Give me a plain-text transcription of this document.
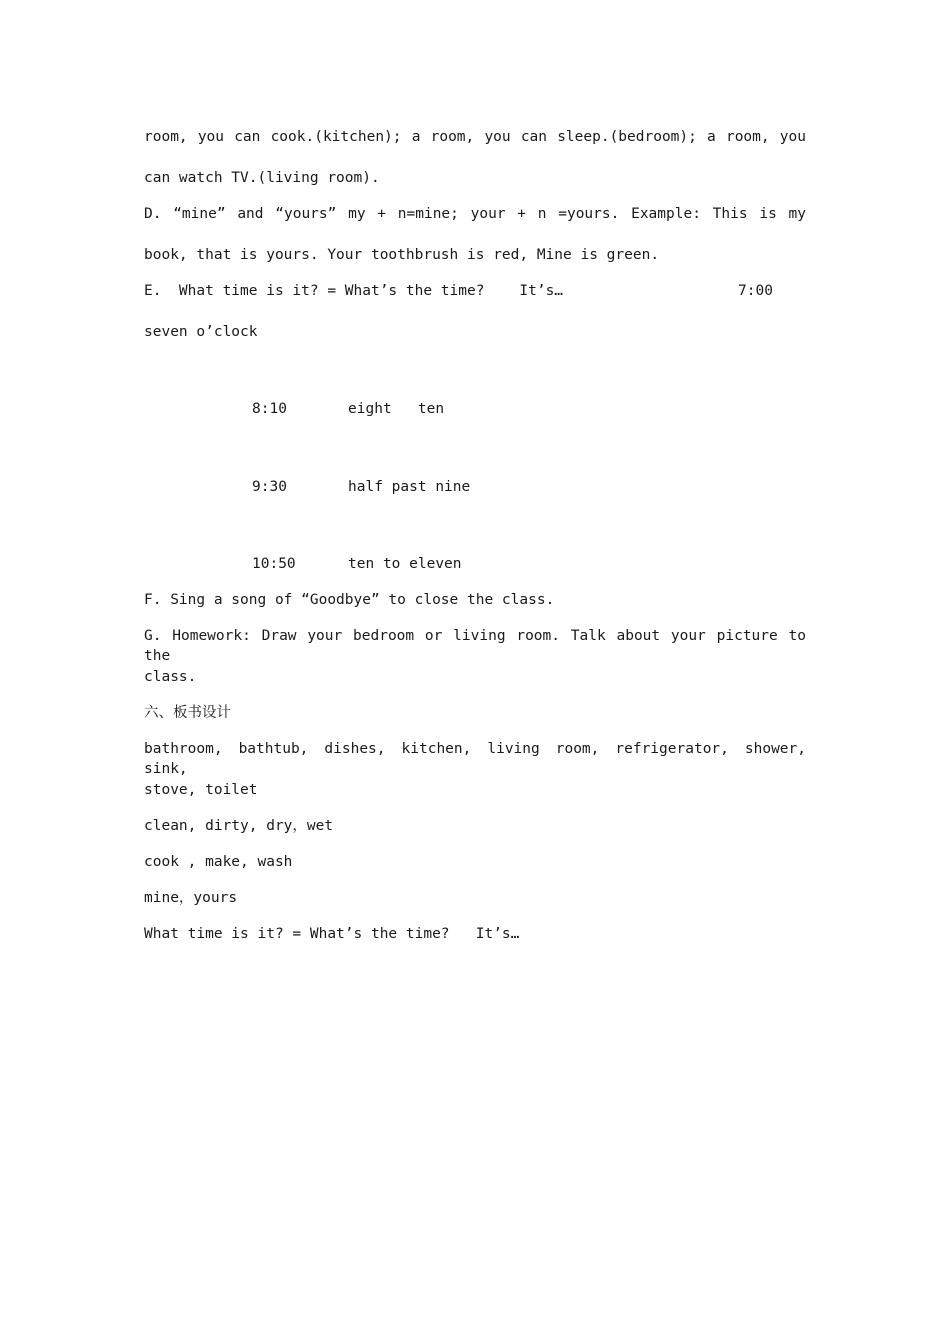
room, you can cook.(kitchen); a room, you can sleep.(bedroom); a room, you
can watch TV.(living room).
D. “mine” and “yours” my + n=mine; your + n =yours. Example: This is my
book, that is yours. Your toothbrush is red, Mine is green.
E.  What time is it? = What’s the time?    It’s…	7:00
seven o’clock
8:10       eight   ten
9:30       half past nine
10:50      ten to eleven
F. Sing a song of “Goodbye” to close the class.
G. Homework: Draw your bedroom or living room. Talk about your picture to the
class.
六、板书设计
bathroom, bathtub, dishes, kitchen, living room, refrigerator, shower, sink,
stove, toilet
clean, dirty, dry，wet
cook , make, wash
mine，yours
What time is it? = What’s the time?   It’s…
